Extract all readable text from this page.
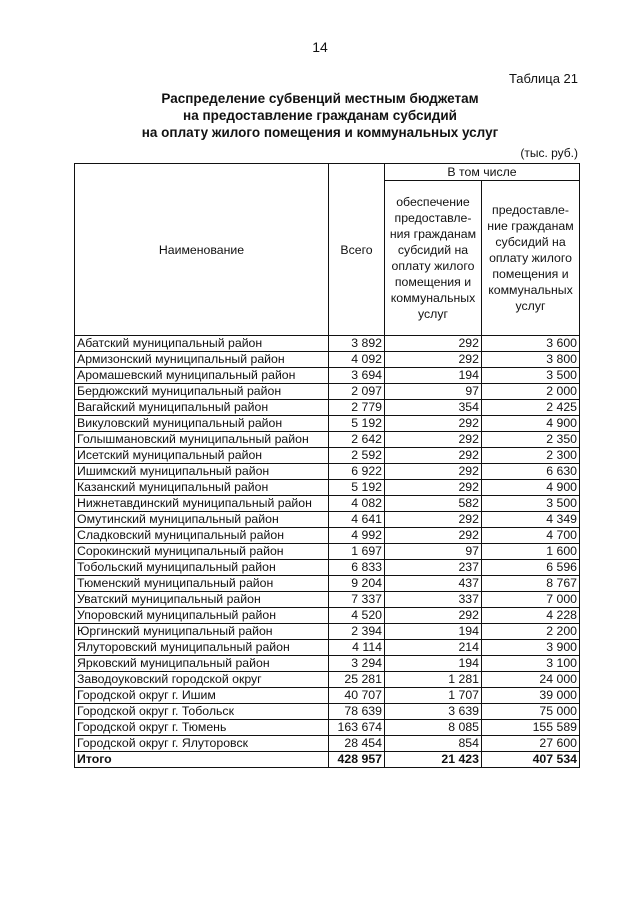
14
Таблица 21
Распределение субвенций местным бюджетам
на предоставление гражданам субсидий
на оплату жилого помещения и коммунальных услуг
(тыс. руб.)
Наименование	Всего	В том числе	
		обеспечение предоставле-ния гражданам субсидий на оплату жилого помещения и коммунальных услуг	предоставле-ние гражданам субсидий на оплату жилого помещения и коммунальных услуг
Абатский муниципальный район	3 892	292	3 600
Армизонский муниципальный район	4 092	292	3 800
Аромашевский муниципальный район	3 694	194	3 500
Бердюжский муниципальный район	2 097	97	2 000
Вагайский муниципальный район	2 779	354	2 425
Викуловский муниципальный район	5 192	292	4 900
Голышмановский муниципальный район	2 642	292	2 350
Исетский муниципальный район	2 592	292	2 300
Ишимский муниципальный район	6 922	292	6 630
Казанский муниципальный район	5 192	292	4 900
Нижнетавдинский муниципальный район	4 082	582	3 500
Омутинский муниципальный район	4 641	292	4 349
Сладковский муниципальный район	4 992	292	4 700
Сорокинский муниципальный район	1 697	97	1 600
Тобольский муниципальный район	6 833	237	6 596
Тюменский муниципальный район	9 204	437	8 767
Уватский муниципальный район	7 337	337	7 000
Упоровский муниципальный район	4 520	292	4 228
Юргинский муниципальный район	2 394	194	2 200
Ялуторовский муниципальный район	4 114	214	3 900
Ярковский муниципальный район	3 294	194	3 100
Заводоуковский городской округ	25 281	1 281	24 000
Городской округ г. Ишим	40 707	1 707	39 000
Городской округ г. Тобольск	78 639	3 639	75 000
Городской округ г. Тюмень	163 674	8 085	155 589
Городской округ г. Ялуторовск	28 454	854	27 600
Итого	428 957	21 423	407 534
